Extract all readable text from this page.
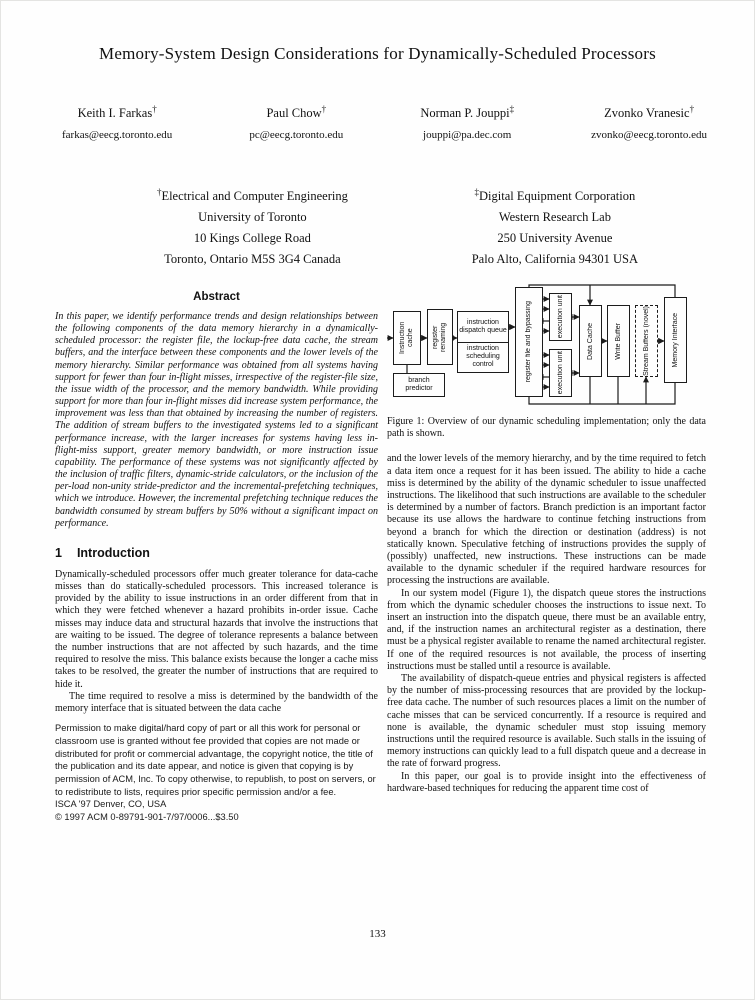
Memory-System Design Considerations for Dynamically-Scheduled Processors
Keith I. Farkas†
farkas@eecg.toronto.edu
Paul Chow†
pc@eecg.toronto.edu
Norman P. Jouppi‡
jouppi@pa.dec.com
Zvonko Vranesic†
zvonko@eecg.toronto.edu
†Electrical and Computer Engineering
University of Toronto
10 Kings College Road
Toronto, Ontario M5S 3G4 Canada
‡Digital Equipment Corporation
Western Research Lab
250 University Avenue
Palo Alto, California 94301 USA
Abstract
In this paper, we identify performance trends and design relationships between the following components of the data memory hierarchy in a dynamically-scheduled processor: the register file, the lockup-free data cache, the stream buffers, and the interface between these components and the lower levels of the memory hierarchy. Similar performance was obtained from all systems having support for fewer than four in-flight misses, irrespective of the register-file size, the issue width of the processor, and the memory bandwidth. While providing support for more than four in-flight misses did increase system performance, the improvement was less than that obtained by increasing the number of registers. The addition of stream buffers to the investigated systems led to a significant performance increase, with the larger increases for systems having less in-flight-miss support, greater memory bandwidth, or more instruction issue capability. The performance of these systems was not significantly affected by the inclusion of traffic filters, dynamic-stride calculators, or the inclusion of the per-load non-unity stride-predictor and the incremental-prefetching techniques, which we introduce. However, the incremental prefetching technique reduces the bandwidth consumed by stream buffers by 50% without a significant impact on performance.
1 Introduction

Dynamically-scheduled processors offer much greater tolerance for data-cache misses than do statically-scheduled processors. This increased tolerance is provided by the ability to issue instructions in an order different from that in which they were fetched whenever a hazard prohibits in-order issue. Cache misses may induce data and structural hazards that involve the instructions that are waiting to be issued. The degree of tolerance represents a balance between the number instructions that are not affected by such hazards, and the time required to resolve the miss. This balance exists because the longer a cache miss takes to be resolved, the greater the number of instructions that are required to hide it.

The time required to resolve a miss is determined by the bandwidth of the memory interface that is situated between the data cache

Permission to make digital/hard copy of part or all this work for personal or classroom use is granted without fee provided that copies are not made or distributed for profit or commercial advantage, the copyright notice, the title of the publication and its date appear, and notice is given that copying is by permission of ACM, Inc. To copy otherwise, to republish, to post on servers, or to redistribute to lists, requires prior specific permission and/or a fee.

ISCA '97 Denver, CO, USA

© 1997 ACM 0-89791-901-7/97/0006...$3.50

Instruction cache	register renaming	instruction dispatch queue
instruction scheduling control
branch predictor
register file and bypassing	execution unit
execution unit
Data Cache	Write Buffer	Stream Buffers (novel)	Memory Interface
Figure 1: Overview of our dynamic scheduling implementation; only the data path is shown.

and the lower levels of the memory hierarchy, and by the time required to fetch a data item once a request for it has been issued. The ability to hide a cache miss is determined by the ability of the dynamic scheduler to issue unaffected instructions. The likelihood that such instructions are available to the scheduler is determined by a number of factors. Branch prediction is an important factor because its use allows the hardware to continue fetching instructions from beyond a branch for which the direction or destination (address) is not statically known. Speculative fetching of instructions provides the supply of (possibly) unaffected, new instructions. These instructions can be made available to the dynamic scheduler if the required hardware resources for processing the instructions are available.

In our system model (Figure 1), the dispatch queue stores the instructions from which the dynamic scheduler chooses the instructions to issue next. To insert an instruction into the dispatch queue, there must be an available entry, and, if the instruction names an architectural register as a destination, there must be a physical register available to rename the named architectural register. If one of the required resources is not available, the process of inserting instructions must be stalled until a resource is available.

The availability of dispatch-queue entries and physical registers is affected by the number of miss-processing resources that are provided by the lockup-free data cache. The number of such resources places a limit on the number of cache misses that can be serviced concurrently. If a resource is required and none is available, the dynamic scheduler must stop issuing memory instructions until the required resource is available. Such stalls in the issuing of memory instructions can quickly lead to a full dispatch queue and a decrease in the rate of forward progress.

In this paper, our goal is to provide insight into the effectiveness of hardware-based techniques for reducing the apparent time cost of

133
